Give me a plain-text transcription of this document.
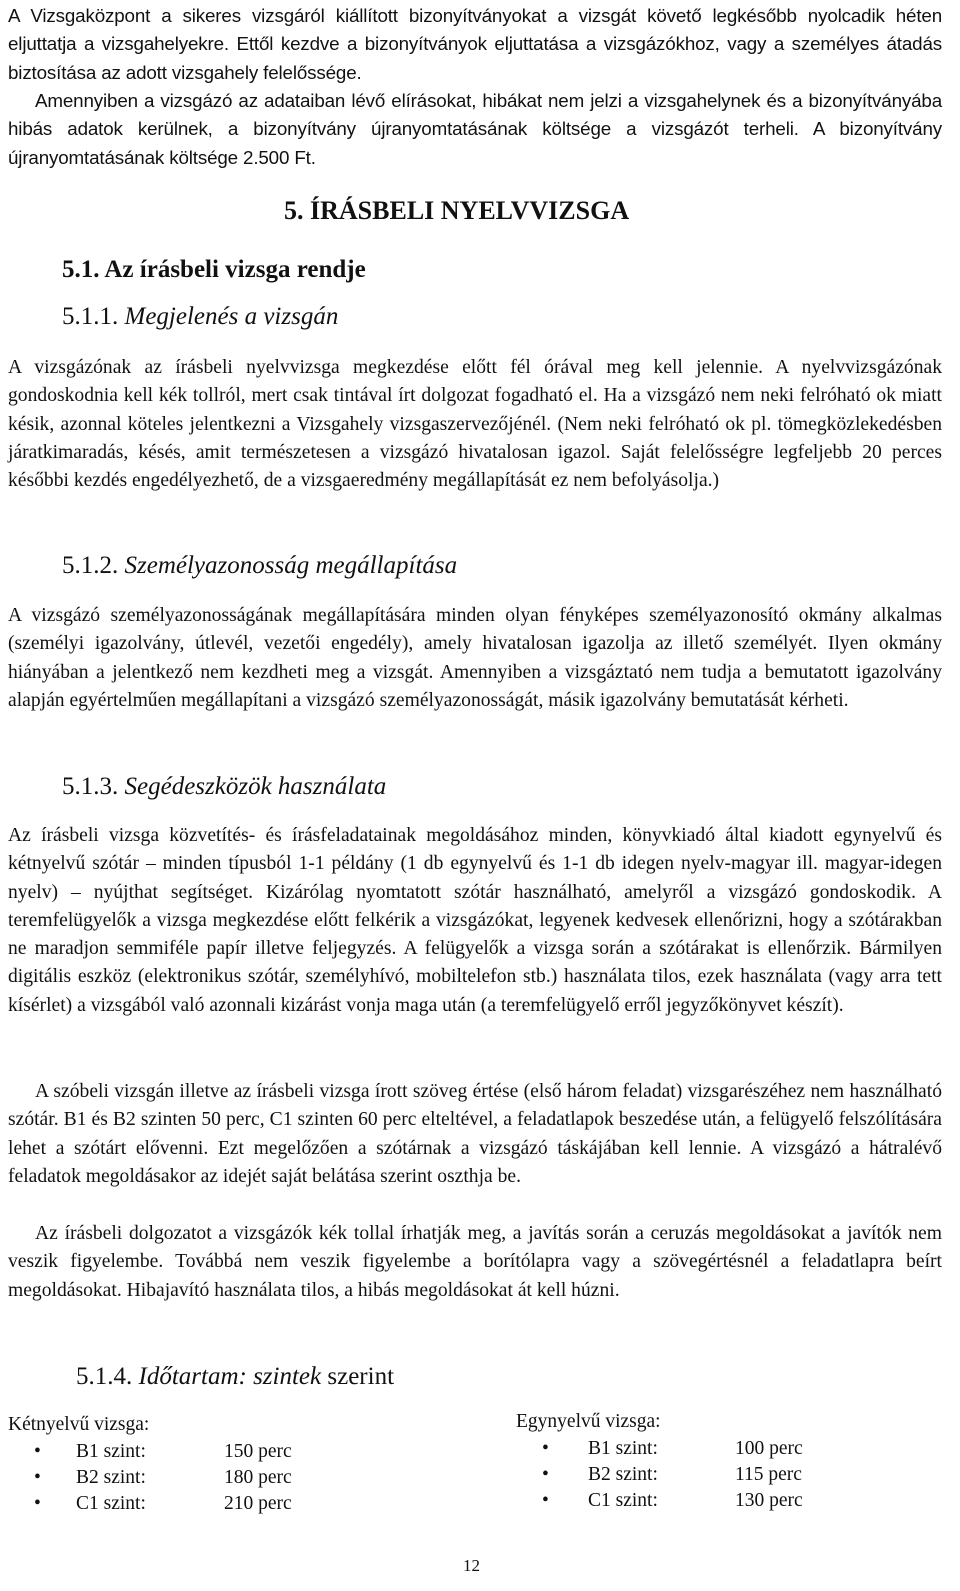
A Vizsgaközpont a sikeres vizsgáról kiállított bizonyítványokat a vizsgát követő legkésőbb nyolcadik héten eljuttatja a vizsgahelyekre. Ettől kezdve a bizonyítványok eljuttatása a vizsgázókhoz, vagy a személyes átadás biztosítása az adott vizsgahely felelőssége.

Amennyiben a vizsgázó az adataiban lévő elírásokat, hibákat nem jelzi a vizsgahelynek és a bizonyítványába hibás adatok kerülnek, a bizonyítvány újranyomtatásának költsége a vizsgázót terheli. A bizonyítvány újranyomtatásának költsége 2.500 Ft.

5. ÍRÁSBELI NYELVVIZSGA
5.1. Az írásbeli vizsga rendje
5.1.1. Megjelenés a vizsgán

A vizsgázónak az írásbeli nyelvvizsga megkezdése előtt fél órával meg kell jelennie. A nyelvvizsgázónak gondoskodnia kell kék tollról, mert csak tintával írt dolgozat fogadható el. Ha a vizsgázó nem neki felróható ok miatt késik, azonnal köteles jelentkezni a Vizsgahely vizsgaszervezőjénél. (Nem neki felróható ok pl. tömegközlekedésben járatkimaradás, késés, amit természetesen a vizsgázó hivatalosan igazol. Saját felelősségre legfeljebb 20 perces későbbi kezdés engedélyezhető, de a vizsgaeredmény megállapítását ez nem befolyásolja.)

5.1.2. Személyazonosság megállapítása

A vizsgázó személyazonosságának megállapítására minden olyan fényképes személyazonosító okmány alkalmas (személyi igazolvány, útlevél, vezetői engedély), amely hivatalosan igazolja az illető személyét. Ilyen okmány hiányában a jelentkező nem kezdheti meg a vizsgát. Amennyiben a vizsgáztató nem tudja a bemutatott igazolvány alapján egyértelműen megállapítani a vizsgázó személyazonosságát, másik igazolvány bemutatását kérheti.

5.1.3. Segédeszközök használata

Az írásbeli vizsga közvetítés- és írásfeladatainak megoldásához minden, könyvkiadó által kiadott egynyelvű és kétnyelvű szótár – minden típusból 1-1 példány (1 db egynyelvű és 1-1 db idegen nyelv-magyar ill. magyar-idegen nyelv) – nyújthat segítséget. Kizárólag nyomtatott szótár használható, amelyről a vizsgázó gondoskodik. A teremfelügyelők a vizsga megkezdése előtt felkérik a vizsgázókat, legyenek kedvesek ellenőrizni, hogy a szótárakban ne maradjon semmiféle papír illetve feljegyzés. A felügyelők a vizsga során a szótárakat is ellenőrzik. Bármilyen digitális eszköz (elektronikus szótár, személyhívó, mobiltelefon stb.) használata tilos, ezek használata (vagy arra tett kísérlet) a vizsgából való azonnali kizárást vonja maga után (a teremfelügyelő erről jegyzőkönyvet készít).

A szóbeli vizsgán illetve az írásbeli vizsga írott szöveg értése (első három feladat) vizsgarészéhez nem használható szótár. B1 és B2 szinten 50 perc, C1 szinten 60 perc elteltével, a feladatlapok beszedése után, a felügyelő felszólítására lehet a szótárt elővenni. Ezt megelőzően a szótárnak a vizsgázó táskájában kell lennie. A vizsgázó a hátralévő feladatok megoldásakor az idejét saját belátása szerint oszthja be.

Az írásbeli dolgozatot a vizsgázók kék tollal írhatják meg, a javítás során a ceruzás megoldásokat a javítók nem veszik figyelembe. Továbbá nem veszik figyelembe a borítólapra vagy a szövegértésnél a feladatlapra beírt megoldásokat. Hibajavító használata tilos, a hibás megoldásokat át kell húzni.

5.1.4. Időtartam: szintek szerint

Kétnyelvű vizsga:

• B1 szint:	150 perc
• B2 szint:	180 perc
• C1 szint:	210 perc

Egynyelvű vizsga:

• B1 szint:	100 perc
• B2 szint:	115 perc
• C1 szint:	130 perc

12
